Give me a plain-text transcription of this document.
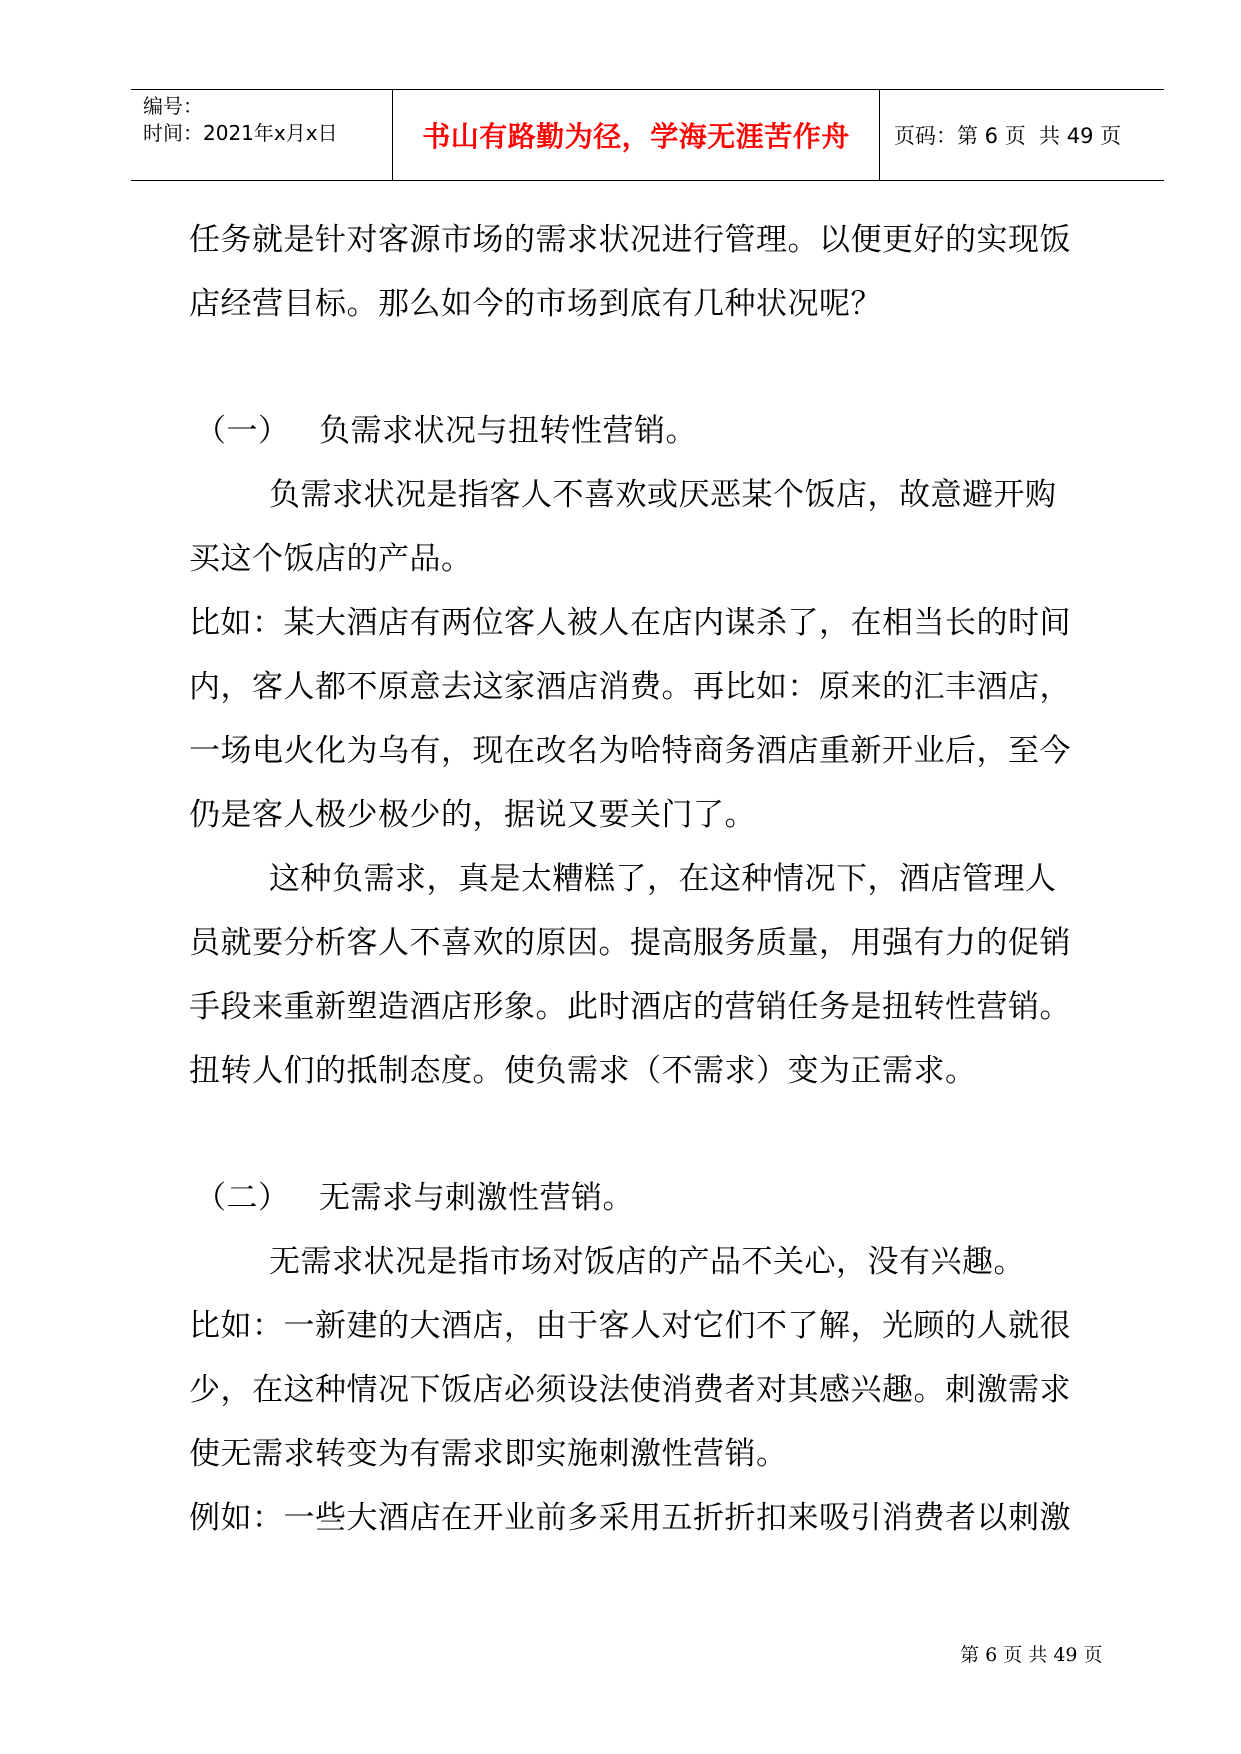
编号：
时间：2021年x月x日	书山有路勤为径，学海无涯苦作舟 页码：第 6 页  共 49 页

任务就是针对客源市场的需求状况进行管理。以便更好的实现饭

店经营目标。那么如今的市场到底有几种状况呢？

（一） 负需求状况与扭转性营销。

负需求状况是指客人不喜欢或厌恶某个饭店，故意避开购

买这个饭店的产品。

比如：某大酒店有两位客人被人在店内谋杀了，在相当长的时间

内，客人都不原意去这家酒店消费。再比如：原来的汇丰酒店，

一场电火化为乌有，现在改名为哈特商务酒店重新开业后，至今

仍是客人极少极少的，据说又要关门了。

这种负需求，真是太糟糕了，在这种情况下，酒店管理人

员就要分析客人不喜欢的原因。提高服务质量，用强有力的促销

手段来重新塑造酒店形象。此时酒店的营销任务是扭转性营销。

扭转人们的抵制态度。使负需求（不需求）变为正需求。

（二） 无需求与刺激性营销。

无需求状况是指市场对饭店的产品不关心，没有兴趣。

比如：一新建的大酒店，由于客人对它们不了解，光顾的人就很

少，在这种情况下饭店必须设法使消费者对其感兴趣。刺激需求

使无需求转变为有需求即实施刺激性营销。

例如：一些大酒店在开业前多采用五折折扣来吸引消费者以刺激

第 6 页 共 49 页
